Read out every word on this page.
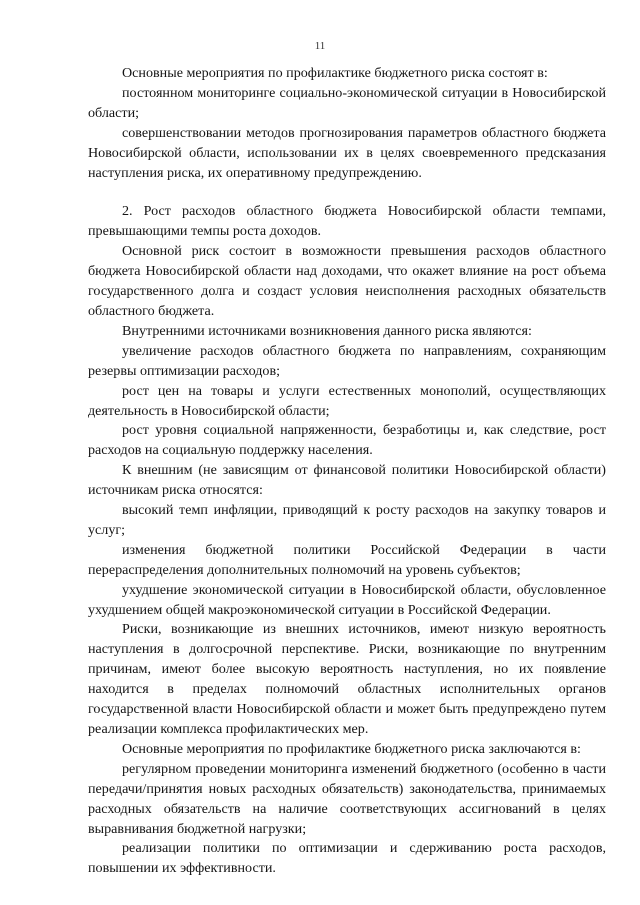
11

Основные мероприятия по профилактике бюджетного риска состоят в:

постоянном мониторинге социально-экономической ситуации в Новосибирской области;

совершенствовании методов прогнозирования параметров областного бюджета Новосибирской области, использовании их в целях своевременного предсказания наступления риска, их оперативному предупреждению.

2. Рост расходов областного бюджета Новосибирской области темпами, превышающими темпы роста доходов.

Основной риск состоит в возможности превышения расходов областного бюджета Новосибирской области над доходами, что окажет влияние на рост объема государственного долга и создаст условия неисполнения расходных обязательств областного бюджета.

Внутренними источниками возникновения данного риска являются:

увеличение расходов областного бюджета по направлениям, сохраняющим резервы оптимизации расходов;

рост цен на товары и услуги естественных монополий, осуществляющих деятельность в Новосибирской области;

рост уровня социальной напряженности, безработицы и, как следствие, рост расходов на социальную поддержку населения.

К внешним (не зависящим от финансовой политики Новосибирской области) источникам риска относятся:

высокий темп инфляции, приводящий к росту расходов на закупку товаров и услуг;

изменения бюджетной политики Российской Федерации в части перераспределения дополнительных полномочий на уровень субъектов;

ухудшение экономической ситуации в Новосибирской области, обусловленное ухудшением общей макроэкономической ситуации в Российской Федерации.

Риски, возникающие из внешних источников, имеют низкую вероятность наступления в долгосрочной перспективе. Риски, возникающие по внутренним причинам, имеют более высокую вероятность наступления, но их появление находится в пределах полномочий областных исполнительных органов государственной власти Новосибирской области и может быть предупреждено путем реализации комплекса профилактических мер.

Основные мероприятия по профилактике бюджетного риска заключаются в:

регулярном проведении мониторинга изменений бюджетного (особенно в части передачи/принятия новых расходных обязательств) законодательства, принимаемых расходных обязательств на наличие соответствующих ассигнований в целях выравнивания бюджетной нагрузки;

реализации политики по оптимизации и сдерживанию роста расходов, повышении их эффективности.
